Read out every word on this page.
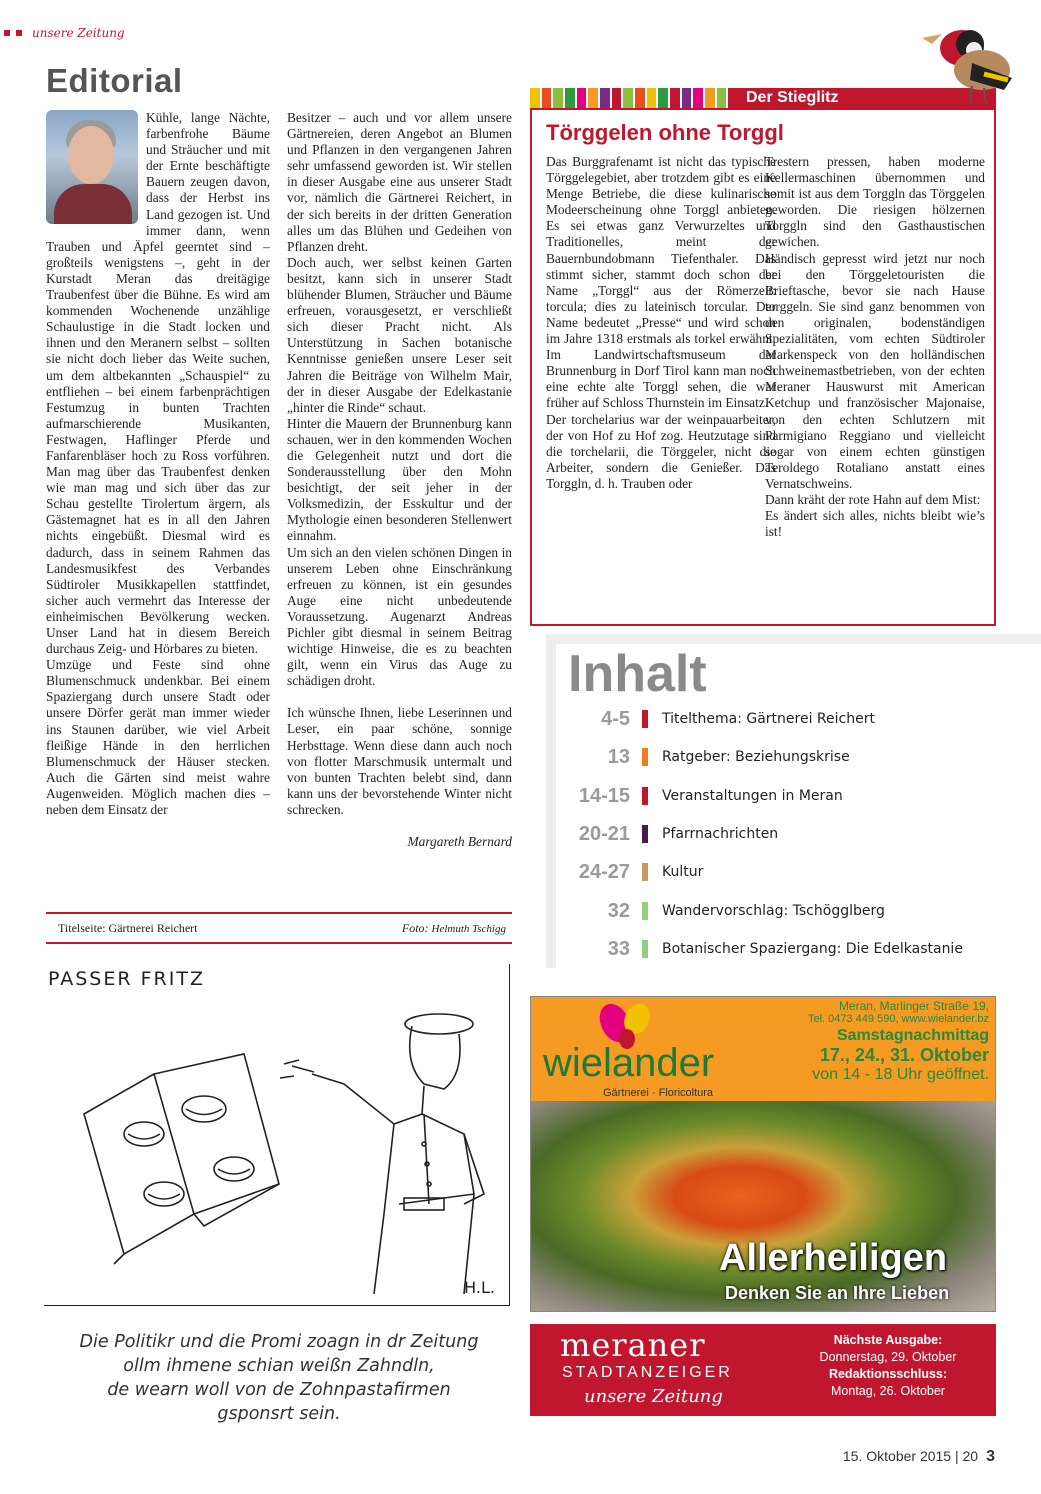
unsere Zeitung
Editorial

Kühle, lange Nächte, farbenfrohe Bäume und Sträucher und mit der Ernte beschäftigte Bauern zeugen davon, dass der Herbst ins Land gezogen ist. Und immer dann, wenn Trauben und Äpfel geerntet sind – großteils wenigstens –, geht in der Kurstadt Meran das dreitägige Traubenfest über die Bühne. Es wird am kommenden Wochenende unzählige Schaulustige in die Stadt locken und ihnen und den Meranern selbst – sollten sie nicht doch lieber das Weite suchen, um dem altbekannten „Schauspiel“ zu entfliehen – bei einem farbenprächtigen Festumzug in bunten Trachten aufmarschierende Musikanten, Festwagen, Haflinger Pferde und Fanfarenbläser hoch zu Ross vorführen. Man mag über das Traubenfest denken wie man mag und sich über das zur Schau gestellte Tirolertum ärgern, als Gästemagnet hat es in all den Jahren nichts eingebüßt. Diesmal wird es dadurch, dass in seinem Rahmen das Landesmusikfest des Verbandes Südtiroler Musikkapellen stattfindet, sicher auch vermehrt das Interesse der einheimischen Bevölkerung wecken. Unser Land hat in diesem Bereich durchaus Zeig- und Hörbares zu bieten.

Umzüge und Feste sind ohne Blumenschmuck undenkbar. Bei einem Spaziergang durch unsere Stadt oder unsere Dörfer gerät man immer wieder ins Staunen darüber, wie viel Arbeit fleißige Hände in den herrlichen Blumenschmuck der Häuser stecken. Auch die Gärten sind meist wahre Augenweiden. Möglich machen dies – neben dem Einsatz der

Besitzer – auch und vor allem unsere Gärtnereien, deren Angebot an Blumen und Pflanzen in den vergangenen Jahren sehr umfassend geworden ist. Wir stellen in dieser Ausgabe eine aus unserer Stadt vor, nämlich die Gärtnerei Reichert, in der sich bereits in der dritten Generation alles um das Blühen und Gedeihen von Pflanzen dreht.

Doch auch, wer selbst keinen Garten besitzt, kann sich in unserer Stadt blühender Blumen, Sträucher und Bäume erfreuen, vorausgesetzt, er verschließt sich dieser Pracht nicht. Als Unterstützung in Sachen botanische Kenntnisse genießen unsere Leser seit Jahren die Beiträge von Wilhelm Mair, der in dieser Ausgabe der Edelkastanie „hinter die Rinde“ schaut.

Hinter die Mauern der Brunnenburg kann schauen, wer in den kommenden Wochen die Gelegenheit nutzt und dort die Sonderausstellung über den Mohn besichtigt, der seit jeher in der Volksmedizin, der Esskultur und der Mythologie einen besonderen Stellenwert einnahm.

Um sich an den vielen schönen Dingen in unserem Leben ohne Einschränkung erfreuen zu können, ist ein gesundes Auge eine nicht unbedeutende Voraussetzung. Augenarzt Andreas Pichler gibt diesmal in seinem Beitrag wichtige Hinweise, die es zu beachten gilt, wenn ein Virus das Auge zu schädigen droht.

Ich wünsche Ihnen, liebe Leserinnen und Leser, ein paar schöne, sonnige Herbsttage. Wenn diese dann auch noch von flotter Marschmusik untermalt und von bunten Trachten belebt sind, dann kann uns der bevorstehende Winter nicht schrecken.

Margareth Bernard

Titelseite: Gärtnerei Reichert	Foto: Helmuth Tschigg
PASSER FRITZ
H.L.
Die Politikr und die Promi zoagn in dr Zeitung
ollm ihmene schian weißn Zahndln,
de wearn woll von de Zohnpastafirmen
gsponsrt sein.
Der Stieglitz
Törggelen ohne Torggl

Das Burggrafenamt ist nicht das typische Törggelegebiet, aber trotzdem gibt es eine Menge Betriebe, die diese kulinarische Modeerscheinung ohne Torggl anbieten. Es sei etwas ganz Verwurzeltes und Traditionelles, meint der Bauernbundobmann Tiefenthaler. Das stimmt sicher, stammt doch schon der Name „Torggl“ aus der Römerzeit: torcula; dies zu lateinisch torcular. Der Name bedeutet „Presse“ und wird schon im Jahre 1318 erstmals als torkel erwähnt. Im Landwirtschaftsmuseum der Brunnenburg in Dorf Tirol kann man noch eine echte alte Torggl sehen, die war früher auf Schloss Thurnstein im Einsatz.

Der torchelarius war der weinpauarbeiter, der von Hof zu Hof zog. Heutzutage sind die torchelarii, die Törggeler, nicht die Arbeiter, sondern die Genießer. Das Torggln, d. h. Trauben oder

Trestern pressen, haben moderne Kellermaschinen übernommen und somit ist aus dem Torggln das Törggelen geworden. Die riesigen hölzernen Torggln sind den Gasthaustischen gewichen.

Händisch gepresst wird jetzt nur noch bei den Törggeletouristen die Brieftasche, bevor sie nach Hause torggeln. Sie sind ganz benommen von den originalen, bodenständigen Spezialitäten, vom echten Südtiroler Markenspeck von den holländischen Schweinemastbetrieben, von der echten Meraner Hauswurst mit American Ketchup und französischer Majonaise, von den echten Schlutzern mit Parmigiano Reggiano und vielleicht sogar von einem echten günstigen Teroldego Rotaliano anstatt eines Vernatschweins.

Dann kräht der rote Hahn auf dem Mist:

Es ändert sich alles, nichts bleibt wie’s ist!

Inhalt
4-5 Titelthema: Gärtnerei Reichert
13 Ratgeber: Beziehungskrise
14-15 Veranstaltungen in Meran
20-21 Pfarrnachrichten
24-27 Kultur
32 Wandervorschlag: Tschögglberg
33 Botanischer Spaziergang: Die Edelkastanie
wielander
Gärtnerei · Floricoltura
Meran, Marlinger Straße 19,
Tel. 0473 449 590, www.wielander.bz
Samstagnachmittag
17., 24., 31. Oktober
von 14 - 18 Uhr geöffnet.
Allerheiligen
Denken Sie an Ihre Lieben
meraner
STADTANZEIGER
unsere Zeitung
Nächste Ausgabe:
Donnerstag, 29. Oktober
Redaktionsschluss:
Montag, 26. Oktober
15. Oktober 2015 | 20 3
